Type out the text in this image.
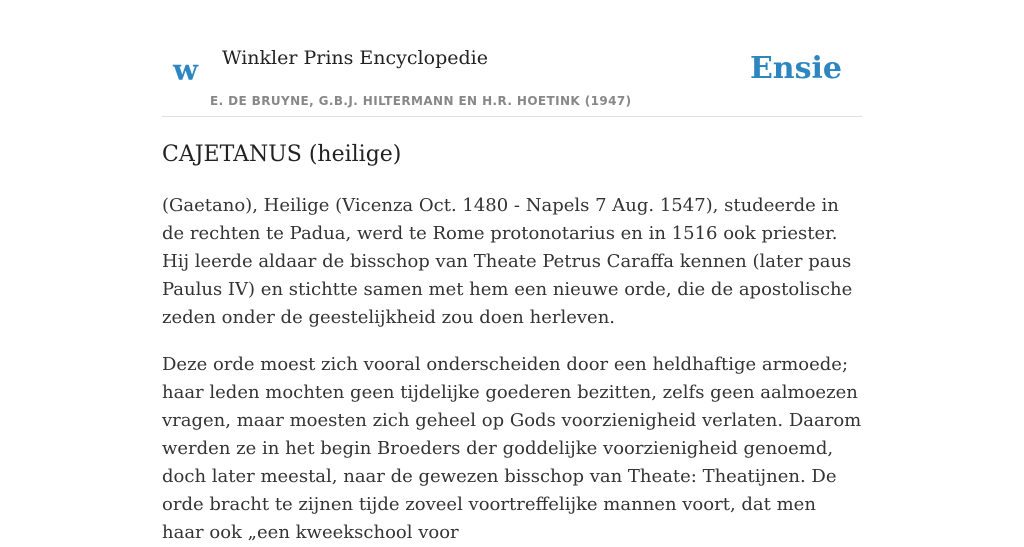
w Winkler Prins Encyclopedie
E. DE BRUYNE, G.B.J. HILTERMANN EN H.R. HOETINK (1947)
Ensie
CAJETANUS (heilige)

(Gaetano), Heilige (Vicenza Oct. 1480 - Napels 7 Aug. 1547), studeerde in de rechten te Padua, werd te Rome protonotarius en in 1516 ook priester. Hij leerde aldaar de bisschop van Theate Petrus Caraffa kennen (later paus Paulus IV) en stichtte samen met hem een nieuwe orde, die de apostolische zeden onder de geestelijkheid zou doen herleven.

Deze orde moest zich vooral onderscheiden door een heldhaftige armoede; haar leden mochten geen tijdelijke goederen bezitten, zelfs geen aalmoezen vragen, maar moesten zich geheel op Gods voorzienigheid verlaten. Daarom werden ze in het begin Broeders der goddelijke voorzienigheid genoemd, doch later meestal, naar de gewezen bisschop van Theate: Theatijnen. De orde bracht te zijnen tijde zoveel voortreffelijke mannen voort, dat men haar ook „een kweekschool voor
